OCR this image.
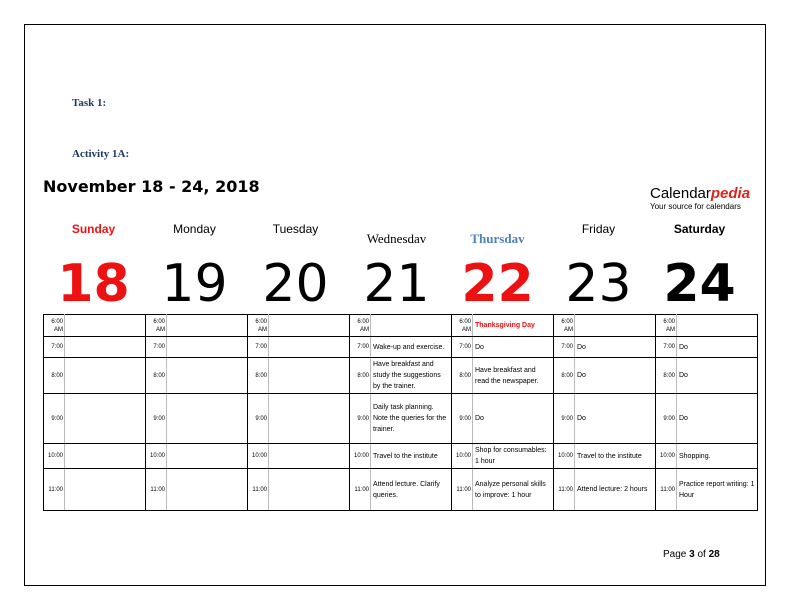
Task 1:
Activity 1A:
November 18 - 24, 2018	Calendarpedia
Your source for calendars
Sunday	Monday	Tuesday
Wednesdav	Thursdav
Friday	Saturday
18 19 20 21 22 23 24
6:00 AM		6:00 AM		6:00 AM		6:00 AM		6:00 AM	Thanksgiving Day	6:00 AM		6:00 AM	
7:00		7:00		7:00		7:00	Wake-up and exercise.	7:00	Do	7:00	Do	7:00	Do
8:00		8:00		8:00		8:00	Have breakfast and study the suggestions by the trainer.	8:00	Have breakfast and read the newspaper.	8:00	Do	8:00	Do
9:00		9:00		9:00		9:00	Daily task planning. Note the queries for the trainer.	9:00	Do	9:00	Do	9:00	Do
10:00		10:00		10:00		10:00	Travel to the institute	10:00	Shop for consumables: 1 hour	10:00	Travel to the institute	10:00	Shopping.
11:00		11:00		11:00		11:00	Attend lecture. Clarify queries.	11:00	Analyze personal skills to improve: 1 hour	11:00	Attend lecture: 2 hours	11:00	Practice report writing: 1 Hour
Page 3 of 28
